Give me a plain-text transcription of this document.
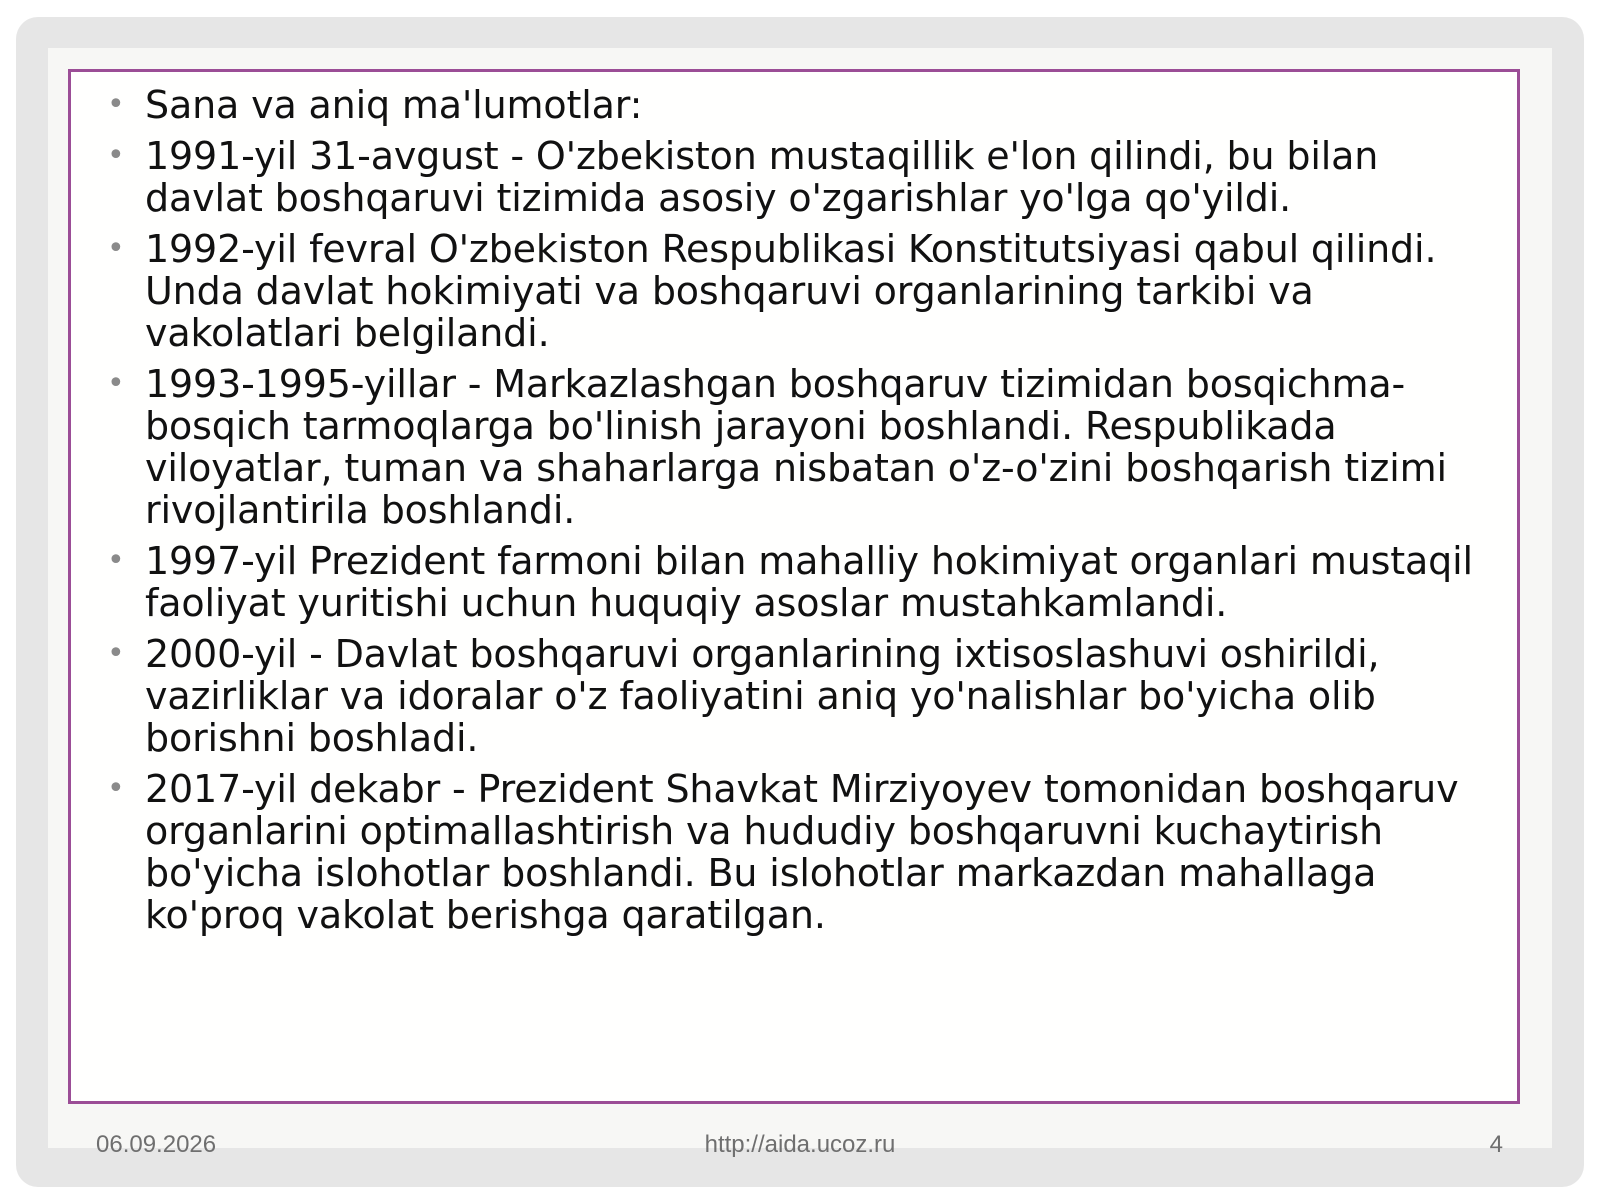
• Sana va aniq ma'lumotlar:
• 1991-yil 31-avgust - O'zbekiston mustaqillik e'lon qilindi, bu bilan davlat boshqaruvi tizimida asosiy o'zgarishlar yo'lga qo'yildi.
• 1992-yil fevral O'zbekiston Respublikasi Konstitutsiyasi qabul qilindi. Unda davlat hokimiyati va boshqaruvi organlarining tarkibi va vakolatlari belgilandi.
• 1993-1995-yillar - Markazlashgan boshqaruv tizimidan bosqichma-bosqich tarmoqlarga bo'linish jarayoni boshlandi. Respublikada viloyatlar, tuman va shaharlarga nisbatan o'z-o'zini boshqarish tizimi rivojlantirila boshlandi.
• 1997-yil Prezident farmoni bilan mahalliy hokimiyat organlari mustaqil faoliyat yuritishi uchun huquqiy asoslar mustahkamlandi.
• 2000-yil - Davlat boshqaruvi organlarining ixtisoslashuvi oshirildi, vazirliklar va idoralar o'z faoliyatini aniq yo'nalishlar bo'yicha olib borishni boshladi.
• 2017-yil dekabr - Prezident Shavkat Mirziyoyev tomonidan boshqaruv organlarini optimallashtirish va hududiy boshqaruvni kuchaytirish bo'yicha islohotlar boshlandi. Bu islohotlar markazdan mahallaga ko'proq vakolat berishga qaratilgan.
06.09.2026	http://aida.ucoz.ru	4
